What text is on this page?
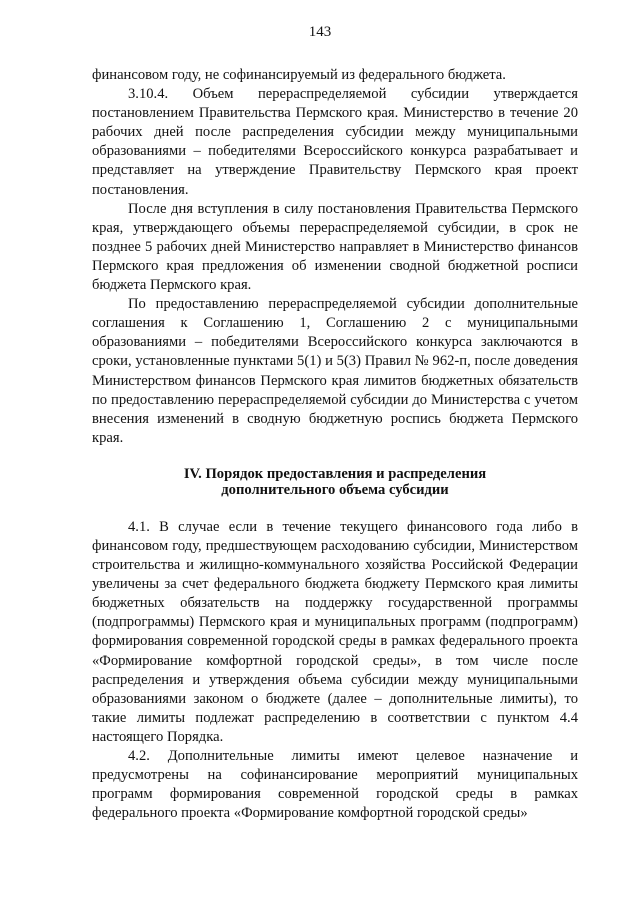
143

финансовом году, не софинансируемый из федерального бюджета.

3.10.4. Объем перераспределяемой субсидии утверждается постановлением Правительства Пермского края. Министерство в течение 20 рабочих дней после распределения субсидии между муниципальными образованиями – победителями Всероссийского конкурса разрабатывает и представляет на утверждение Правительству Пермского края проект постановления.

После дня вступления в силу постановления Правительства Пермского края, утверждающего объемы перераспределяемой субсидии, в срок не позднее 5 рабочих дней Министерство направляет в Министерство финансов Пермского края предложения об изменении сводной бюджетной росписи бюджета Пермского края.

По предоставлению перераспределяемой субсидии дополнительные соглашения к Соглашению 1, Соглашению 2 с муниципальными образованиями – победителями Всероссийского конкурса заключаются в сроки, установленные пунктами 5(1) и 5(3) Правил № 962-п, после доведения Министерством финансов Пермского края лимитов бюджетных обязательств по предоставлению перераспределяемой субсидии до Министерства с учетом внесения изменений в сводную бюджетную роспись бюджета Пермского края.

IV. Порядок предоставления и распределения
дополнительного объема субсидии

4.1. В случае если в течение текущего финансового года либо в финансовом году, предшествующем расходованию субсидии, Министерством строительства и жилищно-коммунального хозяйства Российской Федерации увеличены за счет федерального бюджета бюджету Пермского края лимиты бюджетных обязательств на поддержку государственной программы (подпрограммы) Пермского края и муниципальных программ (подпрограмм) формирования современной городской среды в рамках федерального проекта «Формирование комфортной городской среды», в том числе после распределения и утверждения объема субсидии между муниципальными образованиями законом о бюджете (далее – дополнительные лимиты), то такие лимиты подлежат распределению в соответствии с пунктом 4.4 настоящего Порядка.

4.2. Дополнительные лимиты имеют целевое назначение и предусмотрены на софинансирование мероприятий муниципальных программ формирования современной городской среды в рамках федерального проекта «Формирование комфортной городской среды»
